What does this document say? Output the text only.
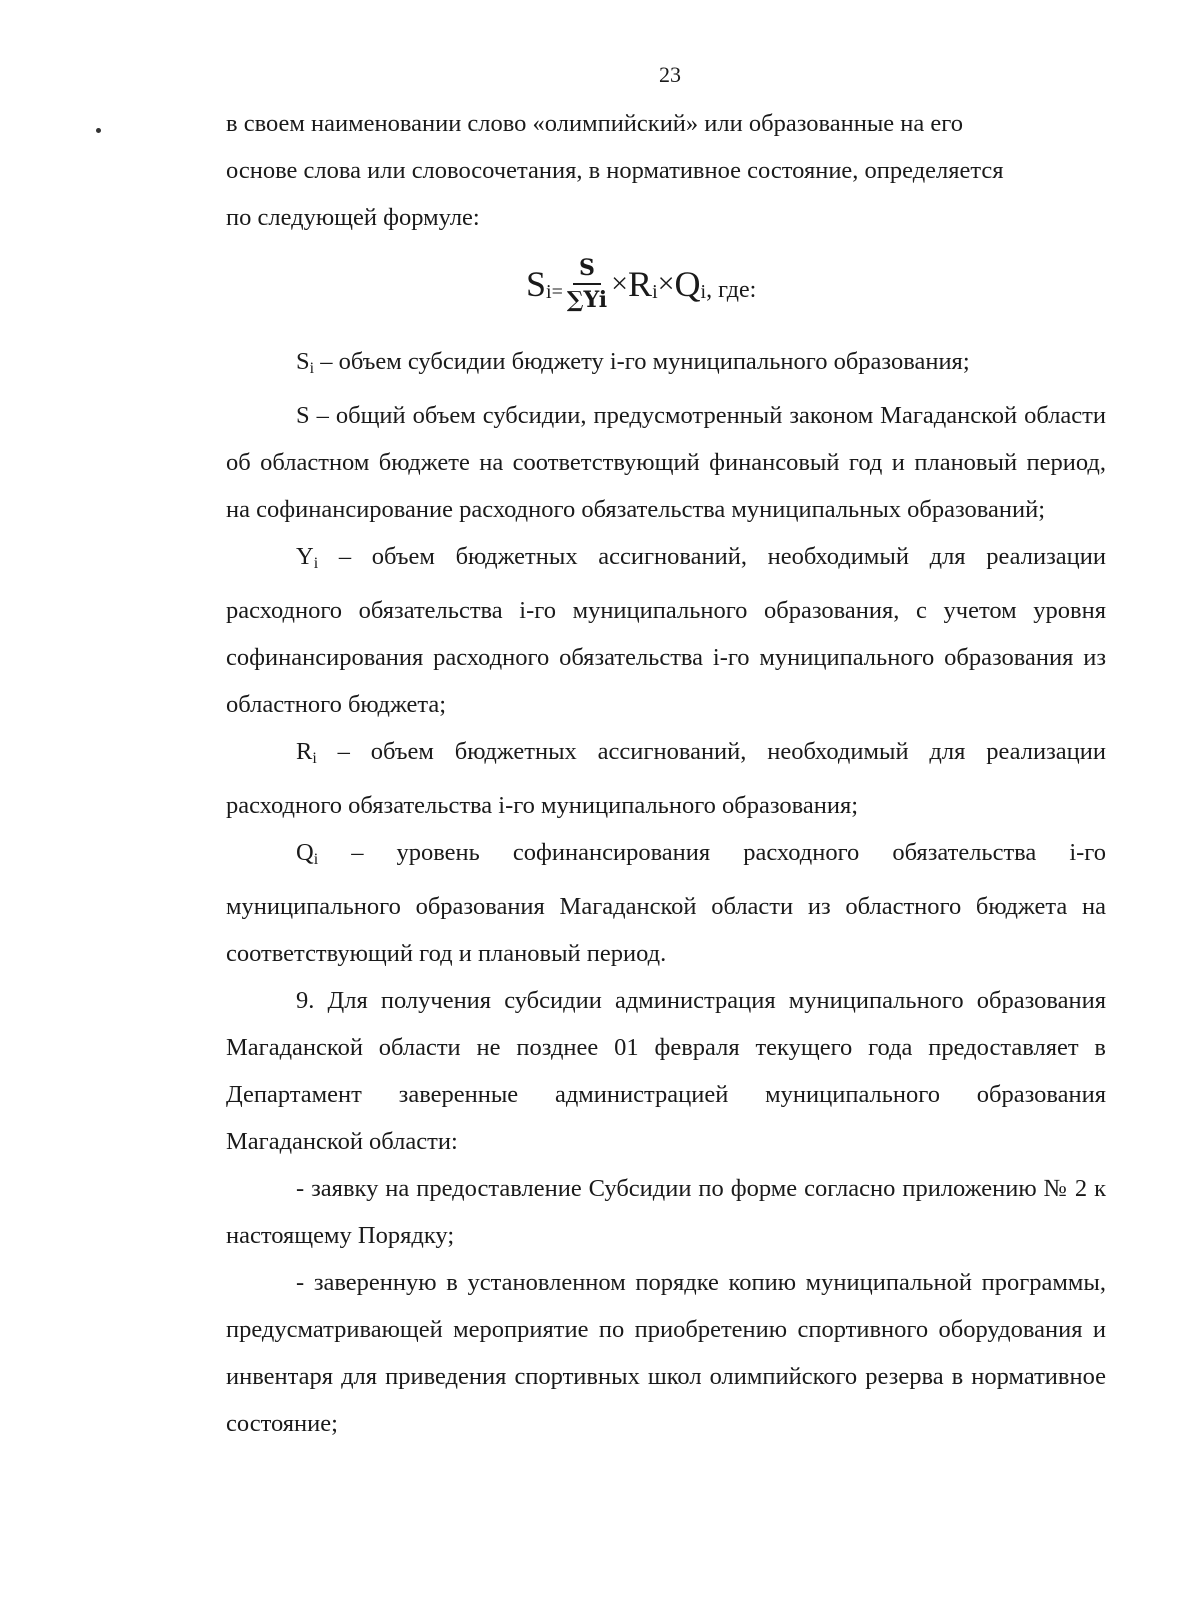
23

в своем наименовании слово «олимпийский» или образованные на его

основе слова или словосочетания, в нормативное состояние, определяется

по следующей формуле:

S $i = \frac{S}{\sum Yi} \times R$ i × Q i , где:

$S_i$ – объем субсидии бюджету i-го муниципального образования;

S – общий объем субсидии, предусмотренный законом Магаданской области об областном бюджете на соответствующий финансовый год и плановый период, на софинансирование расходного обязательства муниципальных образований;

$Y_i$ – объем бюджетных ассигнований, необходимый для реализации расходного обязательства i-го муниципального образования, с учетом уровня софинансирования расходного обязательства i-го муниципального образования из областного бюджета;

$R_i$ – объем бюджетных ассигнований, необходимый для реализации расходного обязательства i-го муниципального образования;

$Q_i$ – уровень софинансирования расходного обязательства i-го муниципального образования Магаданской области из областного бюджета на соответствующий год и плановый период.

9. Для получения субсидии администрация муниципального образования Магаданской области не позднее 01 февраля текущего года предоставляет в Департамент заверенные администрацией муниципального образования Магаданской области:

- заявку на предоставление Субсидии по форме согласно приложению № 2 к настоящему Порядку;

- заверенную в установленном порядке копию муниципальной программы, предусматривающей мероприятие по приобретению спортивного оборудования и инвентаря для приведения спортивных школ олимпийского резерва в нормативное состояние;
